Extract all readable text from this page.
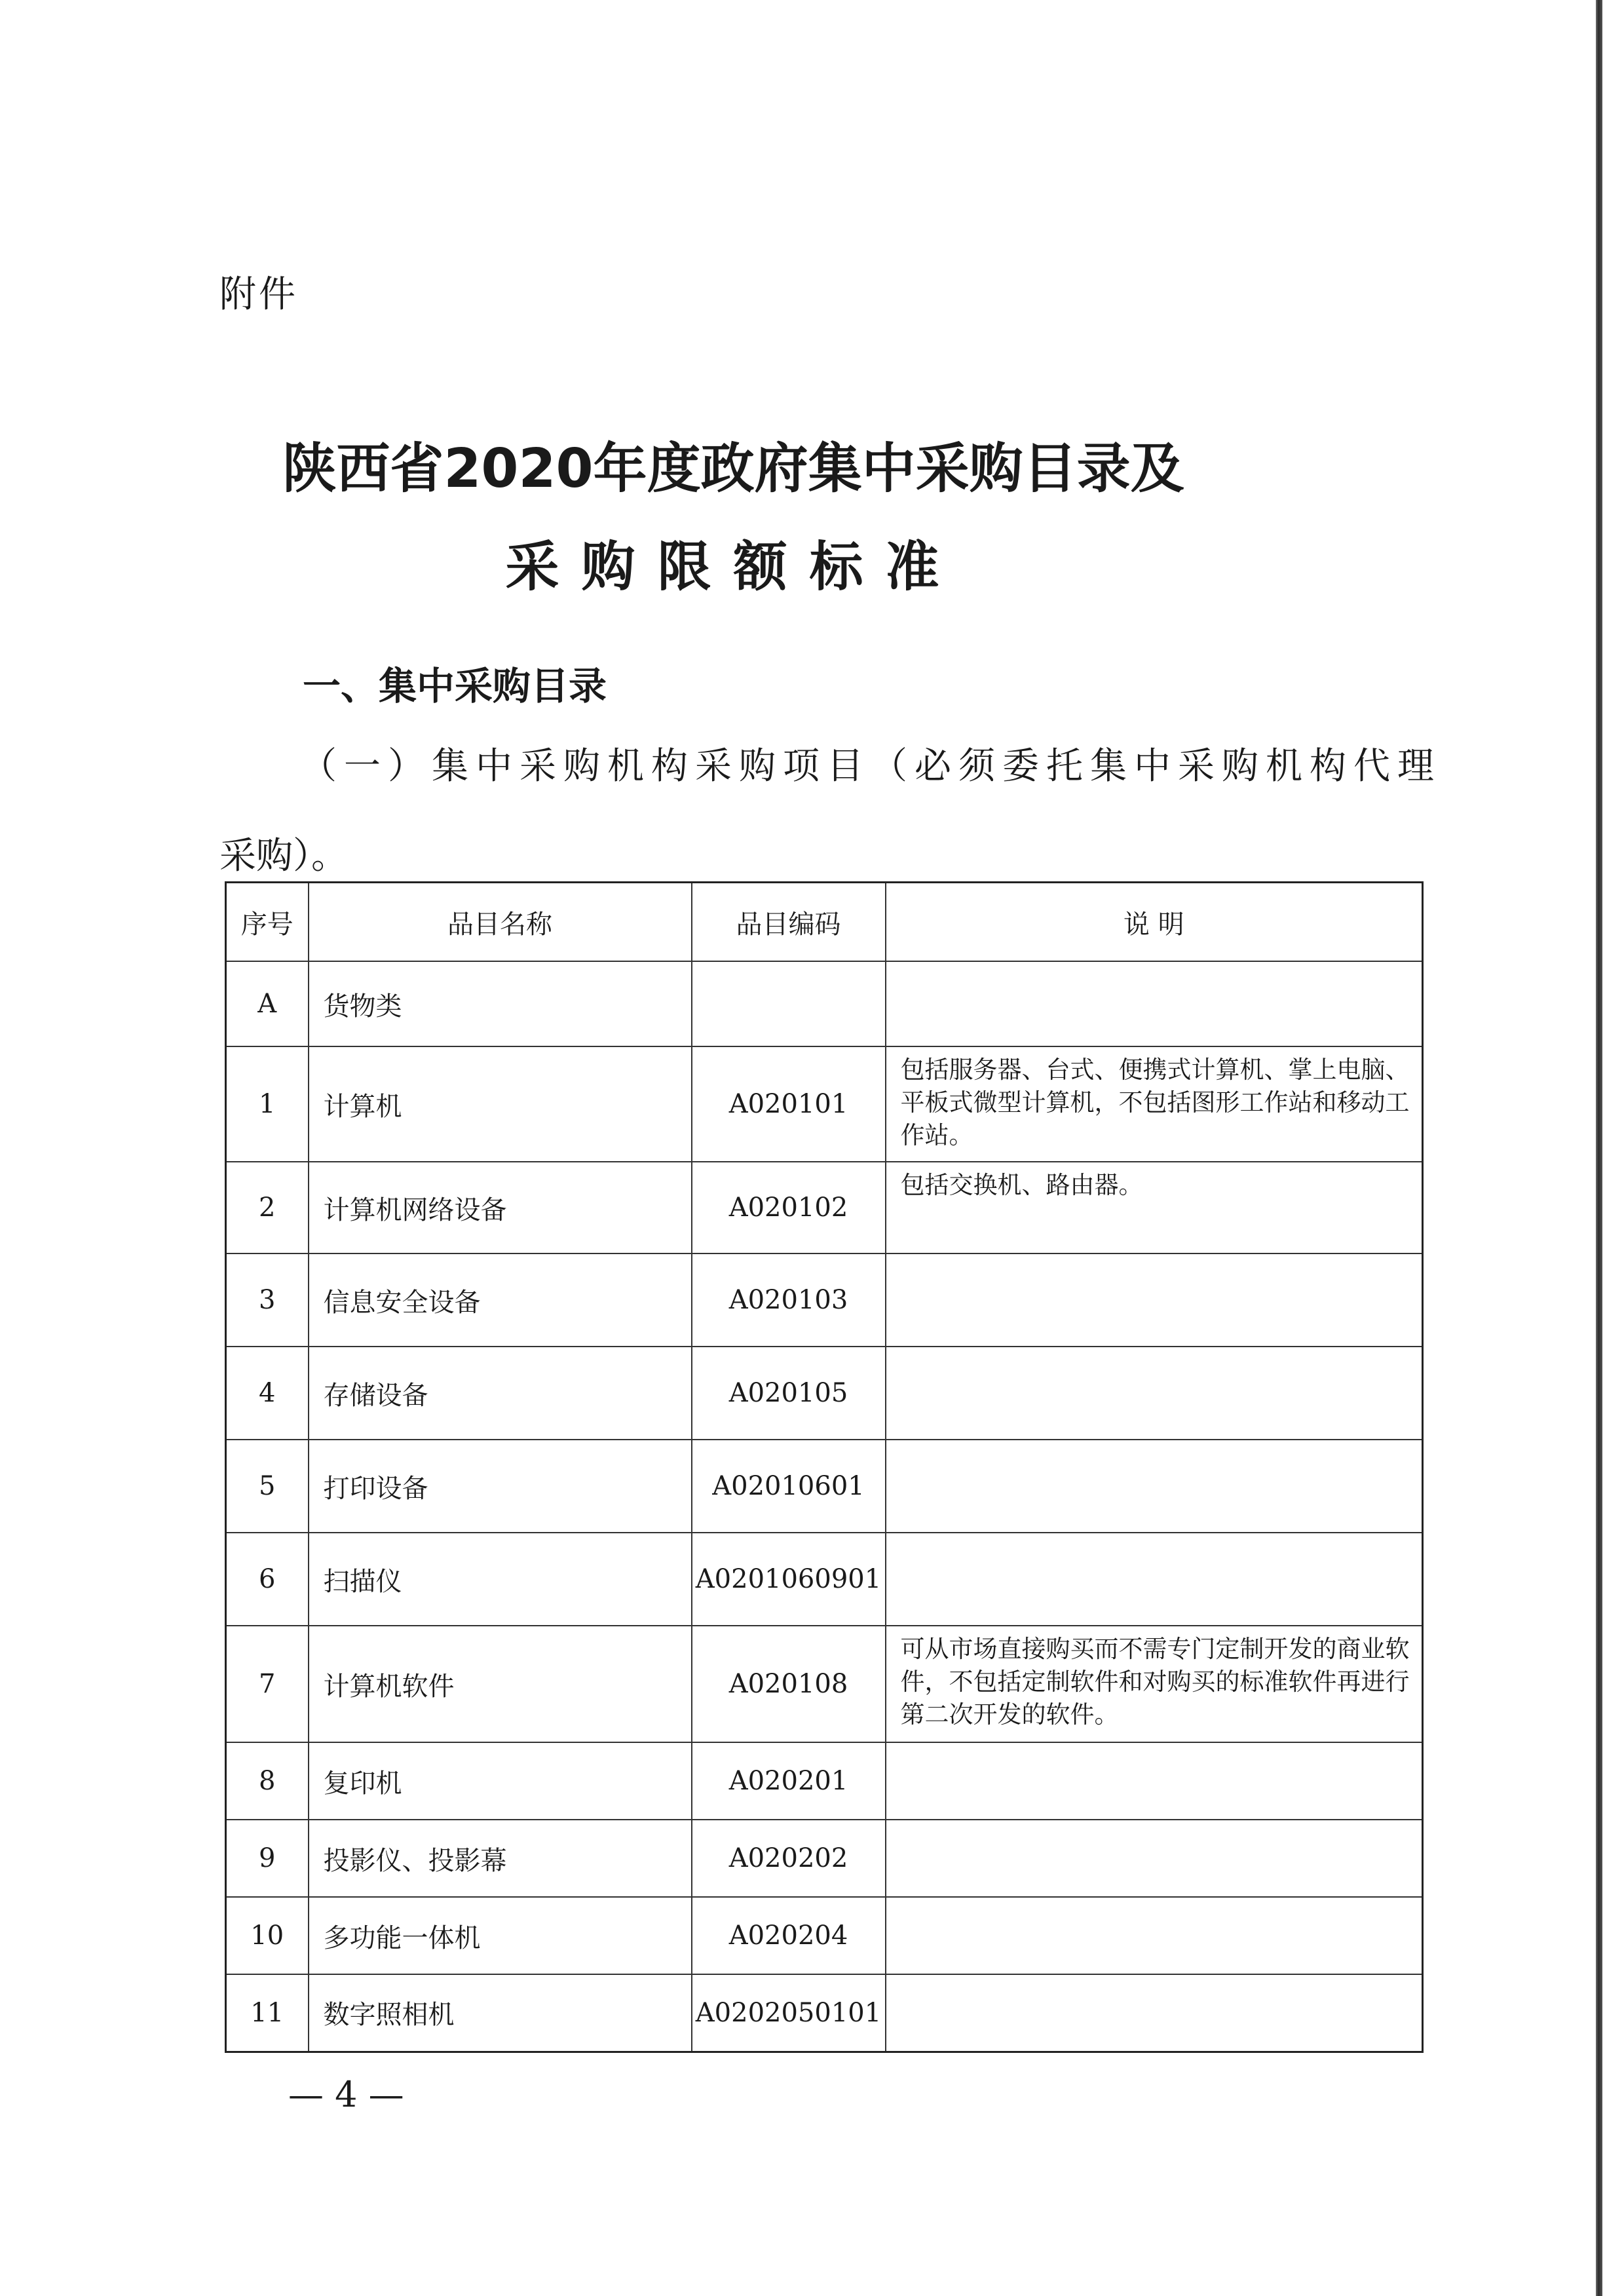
附件
陕西省2020年度政府集中采购目录及
采购限额标准
一、集中采购目录
（一）集中采购机构采购项目（必须委托集中采购机构代理
采购）。
序号	品目名称	品目编码	说 明
A	货物类		
1	计算机	A020101	包括服务器、台式、便携式计算机、掌上电脑、平板式微型计算机，不包括图形工作站和移动工作站。
2	计算机网络设备	A020102	包括交换机、路由器。
3	信息安全设备	A020103	
4	存储设备	A020105	
5	打印设备	A02010601	
6	扫描仪	A0201060901	
7	计算机软件	A020108	可从市场直接购买而不需专门定制开发的商业软件，不包括定制软件和对购买的标准软件再进行第二次开发的软件。
8	复印机	A020201	
9	投影仪、投影幕	A020202	
10	多功能一体机	A020204	
11	数字照相机	A0202050101	
— 4 —
